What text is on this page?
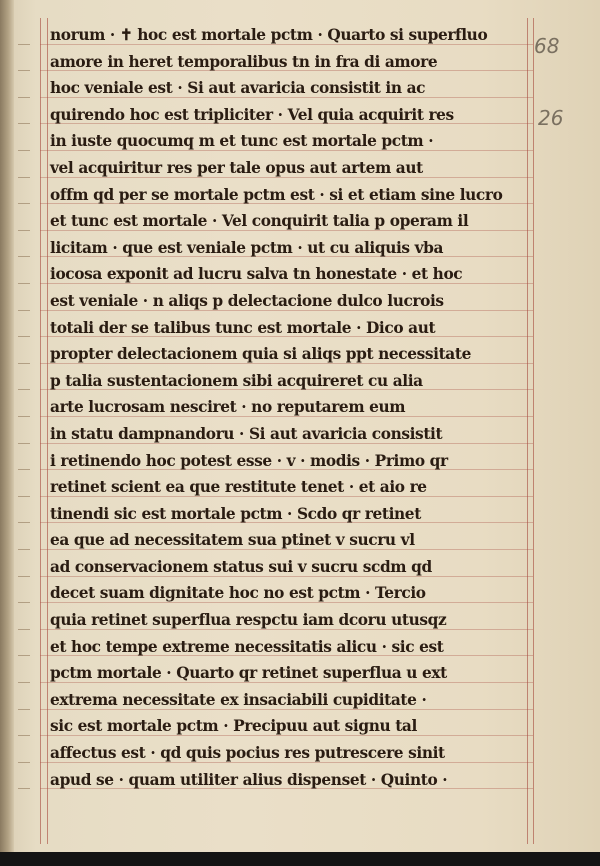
68
26
norum · ✝ hoc est mortale pctm · Quarto si superfluo
amore in heret temporalibus tn in fra di amore
hoc veniale est · Si aut avaricia consistit in ac
quirendo hoc est tripliciter · Vel quia acquirit res
in iuste quocumq m et tunc est mortale pctm ·
vel acquiritur res per tale opus aut artem aut
offm qd per se mortale pctm est · si et etiam sine lucro
et tunc est mortale · Vel conquirit talia p operam il
licitam · que est veniale pctm · ut cu aliquis vba
iocosa exponit ad lucru salva tn honestate · et hoc
est veniale · n aliqs p delectacione dulco lucrois
totali der se talibus tunc est mortale · Dico aut
propter delectacionem quia si aliqs ppt necessitate
p talia sustentacionem sibi acquireret cu alia
arte lucrosam nesciret · no reputarem eum
in statu dampnandoru · Si aut avaricia consistit
i retinendo hoc potest esse · v · modis · Primo qr
retinet scient ea que restitute tenet · et aio re
tinendi sic est mortale pctm · Scdo qr retinet
ea que ad necessitatem sua ptinet v sucru vl
ad conservacionem status sui v sucru scdm qd
decet suam dignitate hoc no est pctm · Tercio
quia retinet superflua respctu iam dcoru utusqz
et hoc tempe extreme necessitatis alicu · sic est
pctm mortale · Quarto qr retinet superflua u ext
extrema necessitate ex insaciabili cupiditate ·
sic est mortale pctm · Precipuu aut signu tal
affectus est · qd quis pocius res putrescere sinit
apud se · quam utiliter alius dispenset · Quinto ·
